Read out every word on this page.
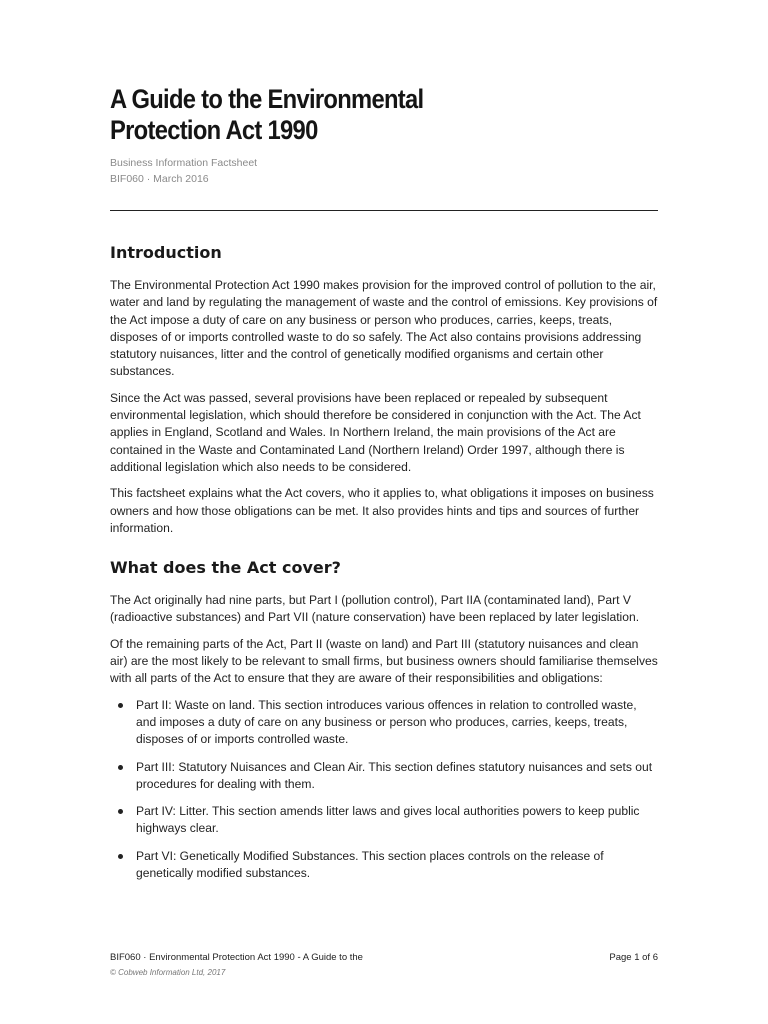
A Guide to the Environmental
Protection Act 1990
Business Information Factsheet
BIF060 · March 2016
Introduction

The Environmental Protection Act 1990 makes provision for the improved control of pollution to the air, water and land by regulating the management of waste and the control of emissions. Key provisions of the Act impose a duty of care on any business or person who produces, carries, keeps, treats, disposes of or imports controlled waste to do so safely. The Act also contains provisions addressing statutory nuisances, litter and the control of genetically modified organisms and certain other substances.

Since the Act was passed, several provisions have been replaced or repealed by subsequent environmental legislation, which should therefore be considered in conjunction with the Act. The Act applies in England, Scotland and Wales. In Northern Ireland, the main provisions of the Act are contained in the Waste and Contaminated Land (Northern Ireland) Order 1997, although there is additional legislation which also needs to be considered.

This factsheet explains what the Act covers, who it applies to, what obligations it imposes on business owners and how those obligations can be met. It also provides hints and tips and sources of further information.

What does the Act cover?

The Act originally had nine parts, but Part I (pollution control), Part IIA (contaminated land), Part V (radioactive substances) and Part VII (nature conservation) have been replaced by later legislation.

Of the remaining parts of the Act, Part II (waste on land) and Part III (statutory nuisances and clean air) are the most likely to be relevant to small firms, but business owners should familiarise themselves with all parts of the Act to ensure that they are aware of their responsibilities and obligations:

Part II: Waste on land. This section introduces various offences in relation to controlled waste, and imposes a duty of care on any business or person who produces, carries, keeps, treats, disposes of or imports controlled waste.
Part III: Statutory Nuisances and Clean Air. This section defines statutory nuisances and sets out procedures for dealing with them.
Part IV: Litter. This section amends litter laws and gives local authorities powers to keep public highways clear.
Part VI: Genetically Modified Substances. This section places controls on the release of genetically modified substances.
BIF060 · Environmental Protection Act 1990 - A Guide to the	Page 1 of 6
© Cobweb Information Ltd, 2017
